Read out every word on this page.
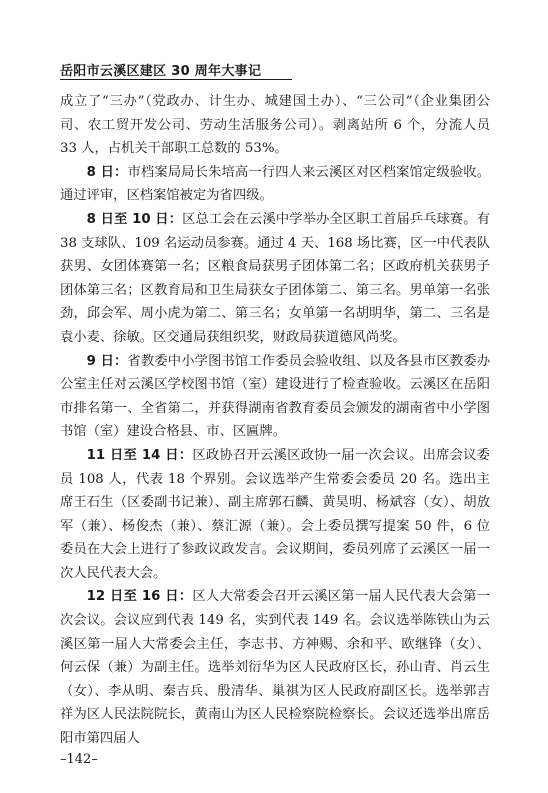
岳阳市云溪区建区 30 周年大事记

成立了“三办”（党政办、计生办、城建国土办）、“三公司”（企业集团公司、农工贸开发公司、劳动生活服务公司）。剥离站所 6 个，分流人员 33 人，占机关干部职工总数的 53%。

8 日：市档案局局长朱培高一行四人来云溪区对区档案馆定级验收。通过评审，区档案馆被定为省四级。

8 日至 10 日：区总工会在云溪中学举办全区职工首届乒乓球赛。有 38 支球队、109 名运动员参赛。通过 4 天、168 场比赛，区一中代表队获男、女团体赛第一名；区粮食局获男子团体第二名；区政府机关获男子团体第三名；区教育局和卫生局获女子团体第二、第三名。男单第一名张劲，邱会军、周小虎为第二、第三名；女单第一名胡明华，第二、三名是袁小麦、徐敏。区交通局获组织奖，财政局获道德风尚奖。

9 日：省教委中小学图书馆工作委员会验收组、以及各县市区教委办公室主任对云溪区学校图书馆（室）建设进行了检查验收。云溪区在岳阳市排名第一、全省第二，并获得湖南省教育委员会颁发的湖南省中小学图书馆（室）建设合格县、市、区匾牌。

11 日至 14 日：区政协召开云溪区政协一届一次会议。出席会议委员 108 人，代表 18 个界别。会议选举产生常委会委员 20 名。选出主席王石生（区委副书记兼）、副主席郭石麟、黄昊明、杨斌容（女）、胡放军（兼）、杨俊杰（兼）、蔡汇源（兼）。会上委员撰写提案 50 件，6 位委员在大会上进行了参政议政发言。会议期间，委员列席了云溪区一届一次人民代表大会。

12 日至 16 日：区人大常委会召开云溪区第一届人民代表大会第一次会议。会议应到代表 149 名，实到代表 149 名。会议选举陈铁山为云溪区第一届人大常委会主任，李志书、方神赐、余和平、欧继锋（女）、何云保（兼）为副主任。选举刘衍华为区人民政府区长，孙山青、肖云生（女）、李从明、秦吉兵、殷清华、巢祺为区人民政府副区长。选举郭吉祥为区人民法院院长，黄南山为区人民检察院检察长。会议还选举出席岳阳市第四届人

–142–
